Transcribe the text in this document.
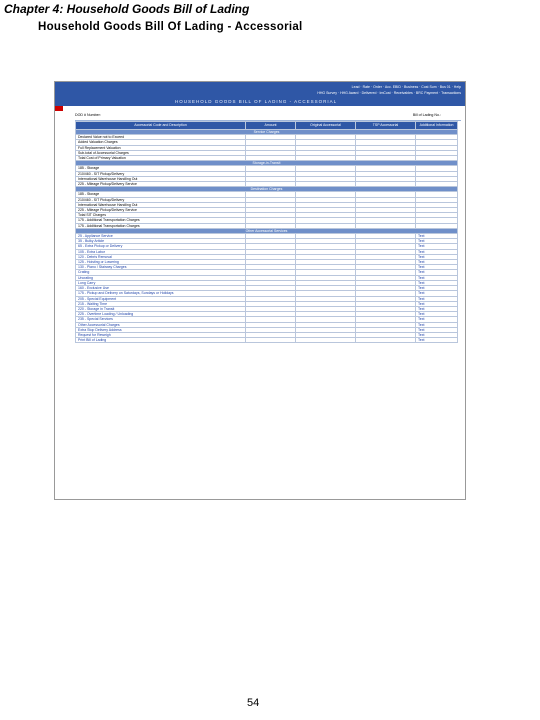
Chapter 4: Household Goods Bill of Lading
Household Goods Bill Of Lading - Accessorial
Lead · Rate · Order · Acc. EBID · Business · Cost Sum · Bus 01 · Help
HHG Survey · HHG Award · Delivered · ImCost · Receivables · BRC Payment · Transactions
HOUSEHOLD GOODS BILL OF LADING - ACCESSORIAL
DOD # Number:	Bill of Lading No.:
Accessorial Code and Description	Amount	Original Accessorial	TSP Accessorial	Additional Information
Service Charges				
Declared Value not to Exceed				
Added Valuation Charges				
Full Replacement Valuation				
Sub-total of Accessorial Charges				
Total Cost of Primary Valuation				
Storage-in-Transit				
185 - Storage				
210/460 - SIT Pickup/Delivery				
International Warehouse Handling Out				
225 - Mileage Pickup/Delivery Service				
Destination Charges				
185 - Storage				
210/460 - SIT Pickup/Delivery				
International Warehouse Handling Out				
225 - Mileage Pickup/Delivery Service				
Total SIT Charges				
175 - Additional Transportation Charges				
175 - Additional Transportation Charges				
Other Accessorial Services				
25 - Appliance Service				Text
35 - Bulky Article				Text
65 - Extra Pickup or Delivery				Text
105 - Extra Labor				Text
120 - Debris Removal				Text
125 - Hoisting or Lowering				Text
130 - Piano / Stairway Charges				Text
Crating				Text
Uncrating				Text
Long Carry				Text
160 - Exclusive Use				Text
175 - Pickup and Delivery on Saturdays, Sundays or Holidays				Text
205 - Special Equipment				Text
215 - Waiting Time				Text
220 - Storage in Transit				Text
225 - Overtime Loading / Unloading				Text
235 - Special Services				Text
Other Accessorial Charges				Text
Extra Stop Delivery Address				Text
Request for Reweigh				Text
Print Bill of Lading				Text
54
